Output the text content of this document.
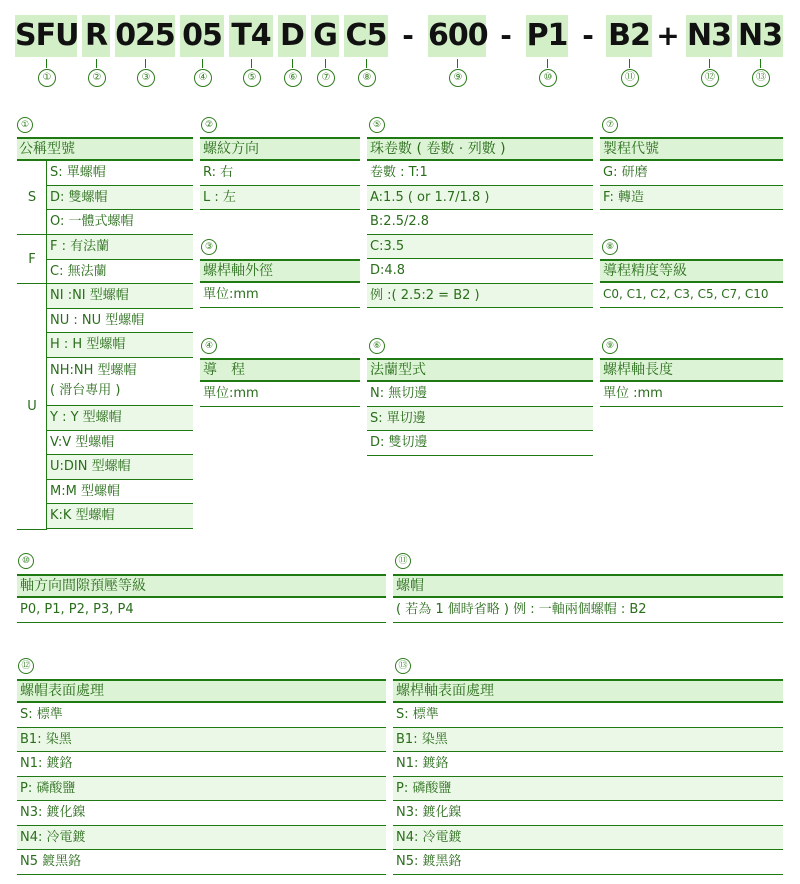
SFU R 025 05 T4 D G C5 - 600 - P1 - B2 + N3 N3
①	②	③	④	⑤	⑥	⑦	⑧	⑨	⑩	⑪	⑫	⑬
①
公稱型號
S
S: 單螺帽
D: 雙螺帽
O: 一體式螺帽
F
F : 有法蘭
C: 無法蘭
U
NI :NI 型螺帽
NU : NU 型螺帽
H : H 型螺帽
NH:NH 型螺帽
( 滑台專用 )
Y : Y 型螺帽
V:V 型螺帽
U:DIN 型螺帽
M:M 型螺帽
K:K 型螺帽
②
螺紋方向
R: 右
L : 左
③
螺桿軸外徑
單位:mm
④
導　程
單位:mm
⑤
珠卷數 ( 卷數 · 列數 )
卷數 : T:1
A:1.5 ( or 1.7/1.8 )
B:2.5/2.8
C:3.5
D:4.8
例 :( 2.5:2 = B2 )
⑥
法蘭型式
N: 無切邊
S: 單切邊
D: 雙切邊
⑦
製程代號
G: 研磨
F: 轉造
⑧
導程精度等級
C0, C1, C2, C3, C5, C7, C10
⑨
螺桿軸長度
單位 :mm
⑩
軸方向間隙預壓等級
P0, P1, P2, P3, P4
⑪
螺帽
( 若為 1 個時省略 ) 例 : 一軸兩個螺帽 : B2
⑫
螺帽表面處理
S: 標準
B1: 染黑
N1: 鍍鉻
P: 磷酸鹽
N3: 鍍化鎳
N4: 冷電鍍
N5 鍍黑鉻
⑬
螺桿軸表面處理
S: 標準
B1: 染黑
N1: 鍍鉻
P: 磷酸鹽
N3: 鍍化鎳
N4: 冷電鍍
N5: 鍍黑鉻
